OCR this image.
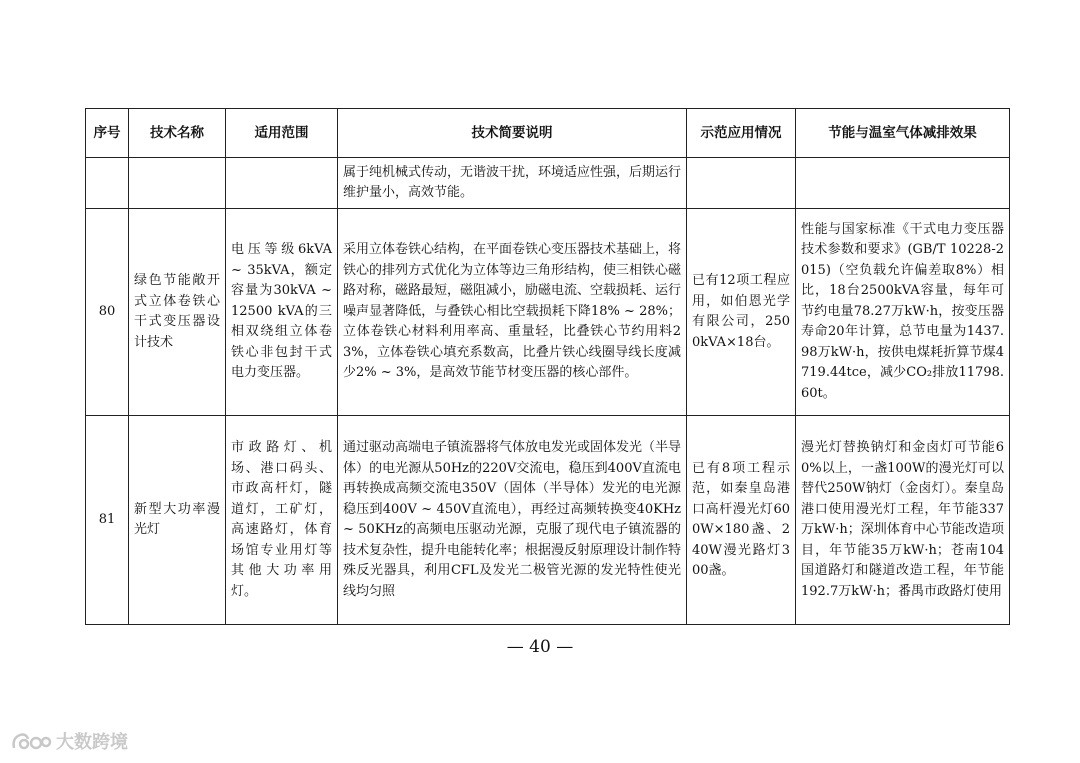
序号	技术名称	适用范围	技术简要说明	示范应用情况	节能与温室气体减排效果
			属于纯机械式传动，无谐波干扰，环境适应性强，后期运行维护量小，高效节能。		
80	绿色节能敞开式立体卷铁心干式变压器设计技术	电压等级6kVA ~ 35kVA，额定容量为30kVA ~ 12500 kVA的三相双绕组立体卷铁心非包封干式电力变压器。	采用立体卷铁心结构，在平面卷铁心变压器技术基础上，将铁心的排列方式优化为立体等边三角形结构，使三相铁心磁路对称，磁路最短，磁阻减小，励磁电流、空载损耗、运行噪声显著降低，与叠铁心相比空载损耗下降18% ~ 28%；立体卷铁心材料利用率高、重量轻，比叠铁心节约用料23%，立体卷铁心填充系数高，比叠片铁心线圈导线长度减少2% ~ 3%，是高效节能节材变压器的核心部件。	已有12项工程应用，如伯恩光学有限公司，2500kVA×18台。	性能与国家标准《干式电力变压器技术参数和要求》(GB/T 10228-2015)（空负载允许偏差取8%）相比，18台2500kVA容量，每年可节约电量78.27万kW·h，按变压器寿命20年计算，总节电量为1437.98万kW·h，按供电煤耗折算节煤4719.44tce，减少CO₂排放11798.60t。
81	新型大功率漫光灯	市政路灯、机场、港口码头、市政高杆灯，隧道灯，工矿灯，高速路灯，体育场馆专业用灯等其他大功率用灯。	通过驱动高端电子镇流器将气体放电发光或固体发光（半导体）的电光源从50Hz的220V交流电，稳压到400V直流电再转换成高频交流电350V（固体（半导体）发光的电光源稳压到400V ~ 450V直流电），再经过高频转换变40KHz ~ 50KHz的高频电压驱动光源，克服了现代电子镇流器的技术复杂性，提升电能转化率；根据漫反射原理设计制作特殊反光器具，利用CFL及发光二极管光源的发光特性使光线均匀照	已有8项工程示范，如秦皇岛港口高杆漫光灯600W×180盏、240W漫光路灯300盏。	漫光灯替换钠灯和金卤灯可节能60%以上，一盏100W的漫光灯可以替代250W钠灯（金卤灯）。秦皇岛港口使用漫光灯工程，年节能337万kW·h；深圳体育中心节能改造项目，年节能35万kW·h；苍南104国道路灯和隧道改造工程，年节能192.7万kW·h；番禺市政路灯使用
— 40 —
大数跨境
